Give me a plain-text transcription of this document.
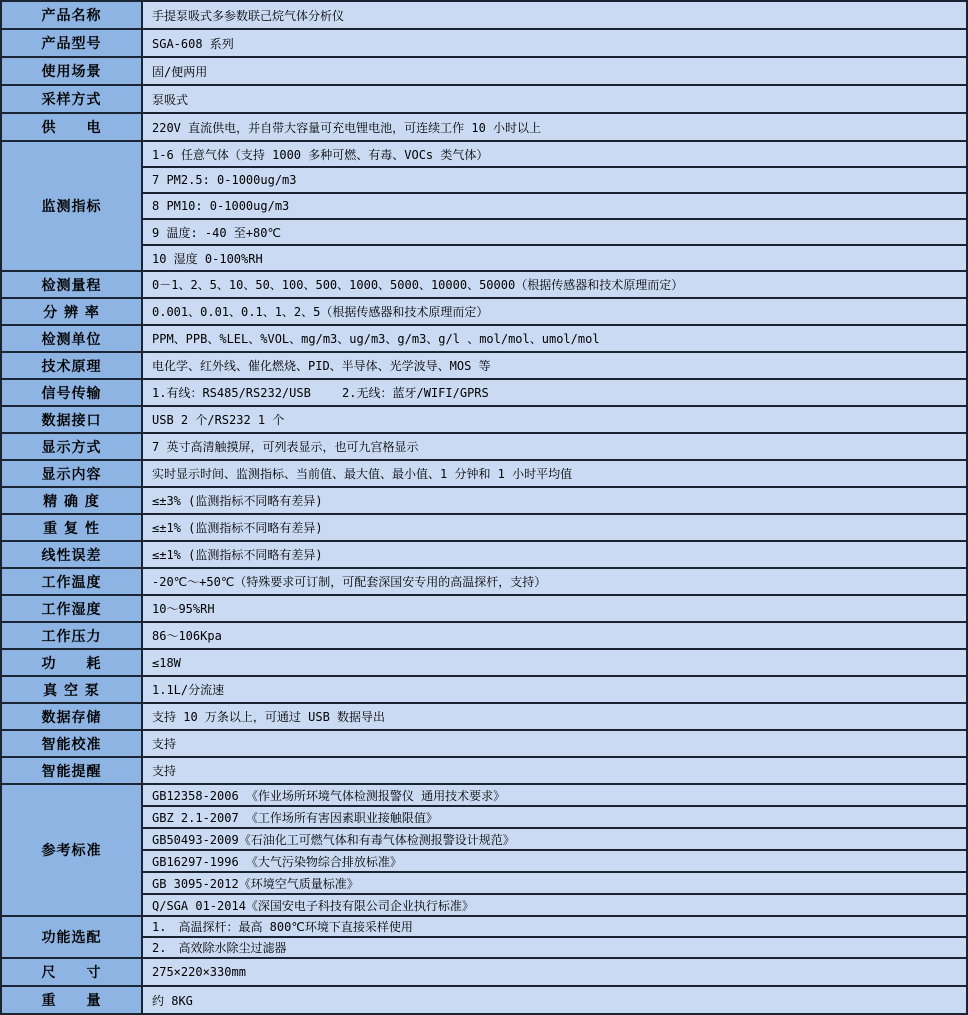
产品名称	手提泵吸式多参数联己烷气体分析仪
产品型号	SGA-608 系列
使用场景	固/便两用
采样方式	泵吸式
供　　电	220V 直流供电，并自带大容量可充电锂电池，可连续工作 10 小时以上
监测指标	1-6 任意气体（支持 1000 多种可燃、有毒、VOCs 类气体）
	7 PM2.5: 0-1000ug/m3
	8 PM10: 0-1000ug/m3
	9 温度: -40 至+80℃
	10 湿度 0-100%RH
检测量程	0－1、2、5、10、50、100、500、1000、5000、10000、50000（根据传感器和技术原理而定）
分 辨 率	0.001、0.01、0.1、1、2、5（根据传感器和技术原理而定）
检测单位	PPM、PPB、%LEL、%VOL、mg/m3、ug/m3、g/m3、g/l 、mol/mol、umol/mol
技术原理	电化学、红外线、催化燃烧、PID、半导体、光学波导、MOS 等
信号传输	1.有线：RS485/RS232/USB　　 2.无线：蓝牙/WIFI/GPRS
数据接口	USB 2 个/RS232 1 个
显示方式	7 英寸高清触摸屏，可列表显示，也可九宫格显示
显示内容	实时显示时间、监测指标、当前值、最大值、最小值、1 分钟和 1 小时平均值
精 确 度	≤±3% (监测指标不同略有差异)
重 复 性	≤±1% (监测指标不同略有差异)
线性误差	≤±1% (监测指标不同略有差异)
工作温度	-20℃～+50℃（特殊要求可订制，可配套深国安专用的高温探杆，支持）
工作湿度	10～95%RH
工作压力	86～106Kpa
功　　耗	≤18W
真 空 泵	1.1L/分流速
数据存储	支持 10 万条以上，可通过 USB 数据导出
智能校准	支持
智能提醒	支持
参考标准	GB12358-2006 《作业场所环境气体检测报警仪 通用技术要求》
	GBZ 2.1-2007 《工作场所有害因素职业接触限值》
	GB50493-2009《石油化工可燃气体和有毒气体检测报警设计规范》
	GB16297-1996 《大气污染物综合排放标准》
	GB 3095-2012《环境空气质量标准》
	Q/SGA 01-2014《深国安电子科技有限公司企业执行标准》
功能选配	1.　高温探杆：最高 800℃环境下直接采样使用
	2.　高效除水除尘过滤器
尺　　寸	275×220×330mm
重　　量	约 8KG
